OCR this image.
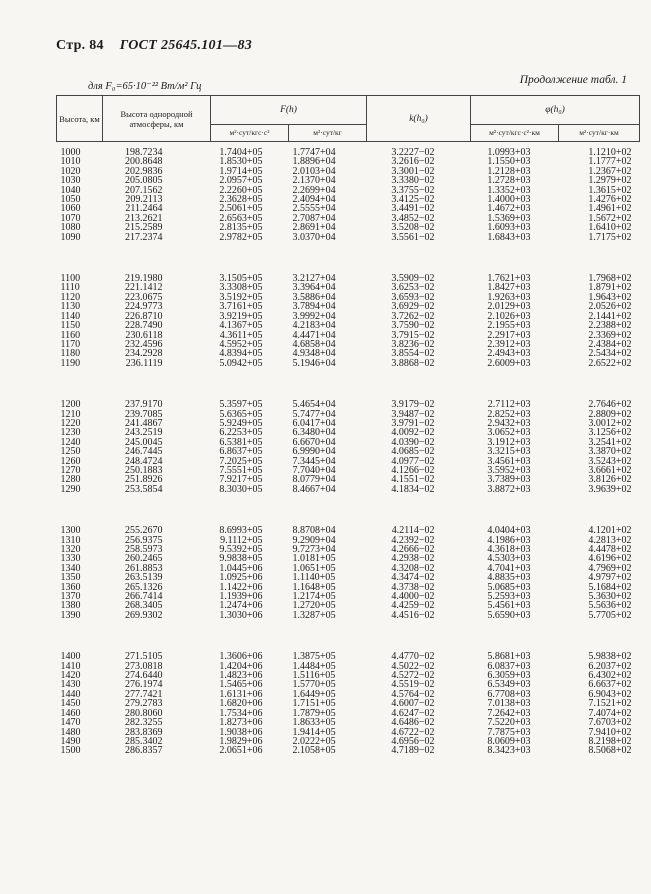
Стр. 84 ГОСТ 25645.101—83
Продолжение табл. 1
для F₀=65·10⁻²² Вт/м² Гц
Высота, км	Высота однородной атмосферы, км	F(h)		k(h₀)	φ(h₀)	
		м²·сут/кгс·с²	м²·сут/кг		м²·сут/кгс·с²·км	м²·сут/кг·км
1000	198.7234	1.7404+05	1.7747+04	3.2227−02	1.0993+03	1.1210+02
1010	200.8648	1.8530+05	1.8896+04	3.2616−02	1.1550+03	1.1777+02
1020	202.9836	1.9714+05	2.0103+04	3.3001−02	1.2128+03	1.2367+02
1030	205.0805	2.0957+05	2.1370+04	3.3380−02	1.2728+03	1.2979+02
1040	207.1562	2.2260+05	2.2699+04	3.3755−02	1.3352+03	1.3615+02
1050	209.2113	2.3628+05	2.4094+04	3.4125−02	1.4000+03	1.4276+02
1060	211.2464	2.5061+05	2.5555+04	3.4491−02	1.4672+03	1.4961+02
1070	213.2621	2.6563+05	2.7087+04	3.4852−02	1.5369+03	1.5672+02
1080	215.2589	2.8135+05	2.8691+04	3.5208−02	1.6093+03	1.6410+02
1090	217.2374	2.9782+05	3.0370+04	3.5561−02	1.6843+03	1.7175+02

1100	219.1980	3.1505+05	3.2127+04	3.5909−02	1.7621+03	1.7968+02
1110	221.1412	3.3308+05	3.3964+04	3.6253−02	1.8427+03	1.8791+02
1120	223.0675	3.5192+05	3.5886+04	3.6593−02	1.9263+03	1.9643+02
1130	224.9773	3.7161+05	3.7894+04	3.6929−02	2.0129+03	2.0526+02
1140	226.8710	3.9219+05	3.9992+04	3.7262−02	2.1026+03	2.1441+02
1150	228.7490	4.1367+05	4.2183+04	3.7590−02	2.1955+03	2.2388+02
1160	230.6118	4.3611+05	4.4471+04	3.7915−02	2.2917+03	2.3369+02
1170	232.4596	4.5952+05	4.6858+04	3.8236−02	2.3912+03	2.4384+02
1180	234.2928	4.8394+05	4.9348+04	3.8554−02	2.4943+03	2.5434+02
1190	236.1119	5.0942+05	5.1946+04	3.8868−02	2.6009+03	2.6522+02

1200	237.9170	5.3597+05	5.4654+04	3.9179−02	2.7112+03	2.7646+02
1210	239.7085	5.6365+05	5.7477+04	3.9487−02	2.8252+03	2.8809+02
1220	241.4867	5.9249+05	6.0417+04	3.9791−02	2.9432+03	3.0012+02
1230	243.2519	6.2253+05	6.3480+04	4.0092−02	3.0652+03	3.1256+02
1240	245.0045	6.5381+05	6.6670+04	4.0390−02	3.1912+03	3.2541+02
1250	246.7445	6.8637+05	6.9990+04	4.0685−02	3.3215+03	3.3870+02
1260	248.4724	7.2025+05	7.3445+04	4.0977−02	3.4561+03	3.5243+02
1270	250.1883	7.5551+05	7.7040+04	4.1266−02	3.5952+03	3.6661+02
1280	251.8926	7.9217+05	8.0779+04	4.1551−02	3.7389+03	3.8126+02
1290	253.5854	8.3030+05	8.4667+04	4.1834−02	3.8872+03	3.9639+02

1300	255.2670	8.6993+05	8.8708+04	4.2114−02	4.0404+03	4.1201+02
1310	256.9375	9.1112+05	9.2909+04	4.2392−02	4.1986+03	4.2813+02
1320	258.5973	9.5392+05	9.7273+04	4.2666−02	4.3618+03	4.4478+02
1330	260.2465	9.9838+05	1.0181+05	4.2938−02	4.5303+03	4.6196+02
1340	261.8853	1.0445+06	1.0651+05	4.3208−02	4.7041+03	4.7969+02
1350	263.5139	1.0925+06	1.1140+05	4.3474−02	4.8835+03	4.9797+02
1360	265.1326	1.1422+06	1.1648+05	4.3738−02	5.0685+03	5.1684+02
1370	266.7414	1.1939+06	1.2174+05	4.4000−02	5.2593+03	5.3630+02
1380	268.3405	1.2474+06	1.2720+05	4.4259−02	5.4561+03	5.5636+02
1390	269.9302	1.3030+06	1.3287+05	4.4516−02	5.6590+03	5.7705+02

1400	271.5105	1.3606+06	1.3875+05	4.4770−02	5.8681+03	5.9838+02
1410	273.0818	1.4204+06	1.4484+05	4.5022−02	6.0837+03	6.2037+02
1420	274.6440	1.4823+06	1.5116+05	4.5272−02	6.3059+03	6.4302+02
1430	276.1974	1.5465+06	1.5770+05	4.5519−02	6.5349+03	6.6637+02
1440	277.7421	1.6131+06	1.6449+05	4.5764−02	6.7708+03	6.9043+02
1450	279.2783	1.6820+06	1.7151+05	4.6007−02	7.0138+03	7.1521+02
1460	280.8060	1.7534+06	1.7879+05	4.6247−02	7.2642+03	7.4074+02
1470	282.3255	1.8273+06	1.8633+05	4.6486−02	7.5220+03	7.6703+02
1480	283.8369	1.9038+06	1.9414+05	4.6722−02	7.7875+03	7.9410+02
1490	285.3402	1.9829+06	2.0222+05	4.6956−02	8.0609+03	8.2198+02
1500	286.8357	2.0651+06	2.1058+05	4.7189−02	8.3423+03	8.5068+02
